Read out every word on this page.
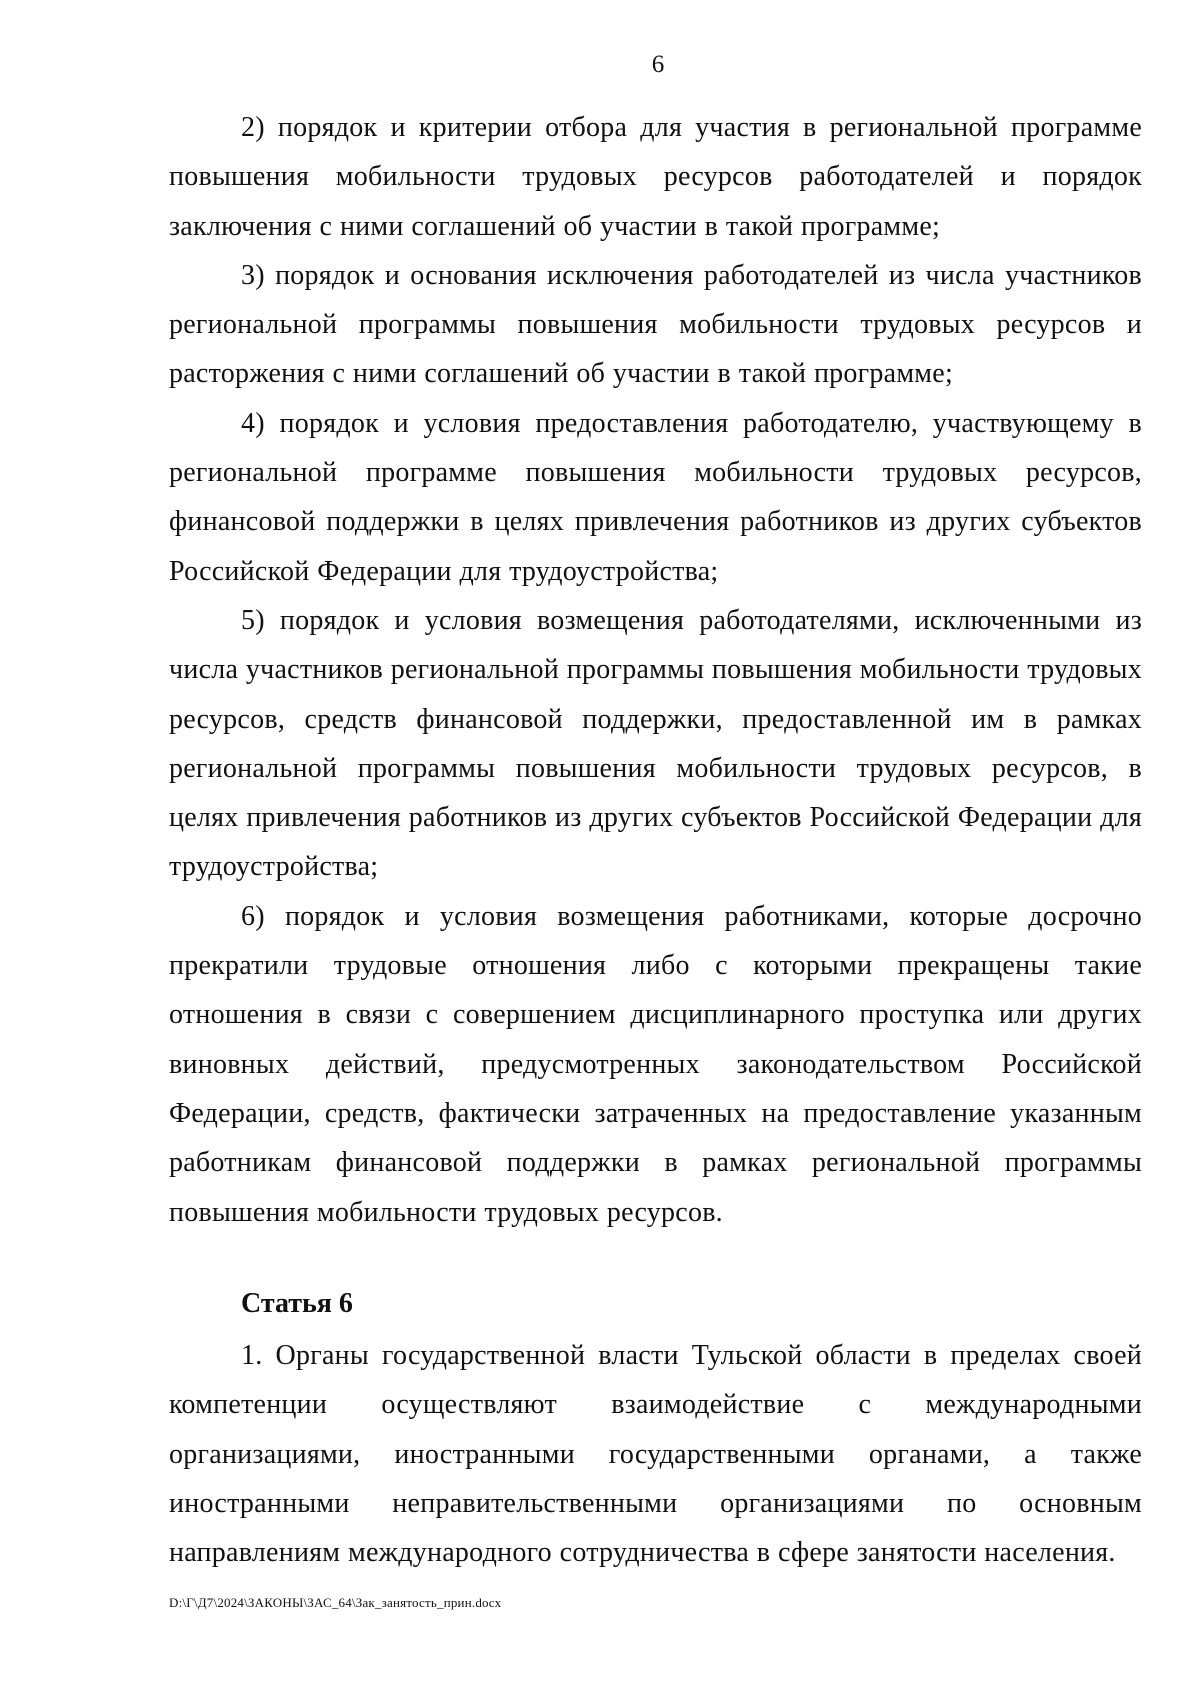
6

2) порядок и критерии отбора для участия в региональной программе повышения мобильности трудовых ресурсов работодателей и порядок заключения с ними соглашений об участии в такой программе;

3) порядок и основания исключения работодателей из числа участников региональной программы повышения мобильности трудовых ресурсов и расторжения с ними соглашений об участии в такой программе;

4) порядок и условия предоставления работодателю, участвующему в региональной программе повышения мобильности трудовых ресурсов, финансовой поддержки в целях привлечения работников из других субъектов Российской Федерации для трудоустройства;

5) порядок и условия возмещения работодателями, исключенными из числа участников региональной программы повышения мобильности трудовых ресурсов, средств финансовой поддержки, предоставленной им в рамках региональной программы повышения мобильности трудовых ресурсов, в целях привлечения работников из других субъектов Российской Федерации для трудоустройства;

6) порядок и условия возмещения работниками, которые досрочно прекратили трудовые отношения либо с которыми прекращены такие отношения в связи с совершением дисциплинарного проступка или других виновных действий, предусмотренных законодательством Российской Федерации, средств, фактически затраченных на предоставление указанным работникам финансовой поддержки в рамках региональной программы повышения мобильности трудовых ресурсов.

Статья 6

1. Органы государственной власти Тульской области в пределах своей компетенции осуществляют взаимодействие с международными организациями, иностранными государственными органами, а также иностранными неправительственными организациями по основным направлениям международного сотрудничества в сфере занятости населения.

D:\Г\Д7\2024\ЗАКОНЫ\ЗАС_64\Зак_занятость_прин.docx
